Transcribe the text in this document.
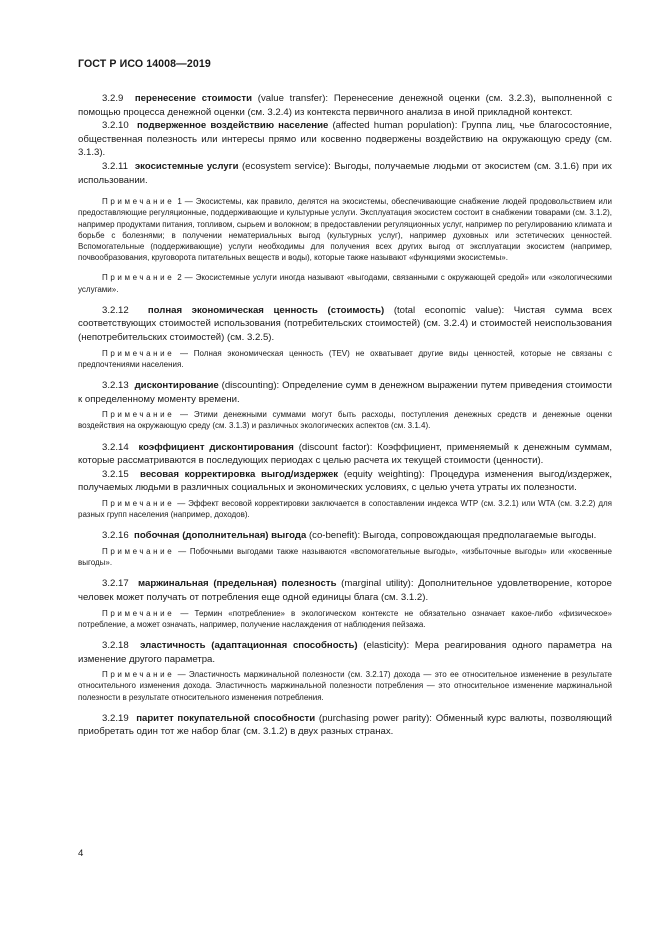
ГОСТ Р ИСО 14008—2019

3.2.9 перенесение стоимости (value transfer): Перенесение денежной оценки (см. 3.2.3), выполненной с помощью процесса денежной оценки (см. 3.2.4) из контекста первичного анализа в иной прикладной контекст.

3.2.10 подверженное воздействию население (affected human population): Группа лиц, чье благосостояние, общественная полезность или интересы прямо или косвенно подвержены воздействию на окружающую среду (см. 3.1.3).

3.2.11 экосистемные услуги (ecosystem service): Выгоды, получаемые людьми от экосистем (см. 3.1.6) при их использовании.

Примечание 1 — Экосистемы, как правило, делятся на экосистемы, обеспечивающие снабжение людей продовольствием или предоставляющие регуляционные, поддерживающие и культурные услуги. Эксплуатация экосистем состоит в снабжении товарами (см. 3.1.2), например продуктами питания, топливом, сырьем и волокном; в предоставлении регуляционных услуг, например по регулированию климата и борьбе с болезнями; в получении нематериальных выгод (культурных услуг), например духовных или эстетических ценностей. Вспомогательные (поддерживающие) услуги необходимы для получения всех других выгод от эксплуатации экосистем (например, почвообразования, круговорота питательных веществ и воды), которые также называют «функциями экосистемы».

Примечание 2 — Экосистемные услуги иногда называют «выгодами, связанными с окружающей средой» или «экологическими услугами».

3.2.12 полная экономическая ценность (стоимость) (total economic value): Чистая сумма всех соответствующих стоимостей использования (потребительских стоимостей) (см. 3.2.4) и стоимостей неиспользования (непотребительских стоимостей) (см. 3.2.5).

Примечание — Полная экономическая ценность (TEV) не охватывает другие виды ценностей, которые не связаны с предпочтениями населения.

3.2.13 дисконтирование (discounting): Определение сумм в денежном выражении путем приведения стоимости к определенному моменту времени.

Примечание — Этими денежными суммами могут быть расходы, поступления денежных средств и денежные оценки воздействия на окружающую среду (см. 3.1.3) и различных экологических аспектов (см. 3.1.4).

3.2.14 коэффициент дисконтирования (discount factor): Коэффициент, применяемый к денежным суммам, которые рассматриваются в последующих периодах с целью расчета их текущей стоимости (ценности).

3.2.15 весовая корректировка выгод/издержек (equity weighting): Процедура изменения выгод/издержек, получаемых людьми в различных социальных и экономических условиях, с целью учета утраты их полезности.

Примечание — Эффект весовой корректировки заключается в сопоставлении индекса WTP (см. 3.2.1) или WTA (см. 3.2.2) для разных групп населения (например, доходов).

3.2.16 побочная (дополнительная) выгода (co-benefit): Выгода, сопровождающая предполагаемые выгоды.

Примечание — Побочными выгодами также называются «вспомогательные выгоды», «избыточные выгоды» или «косвенные выгоды».

3.2.17 маржинальная (предельная) полезность (marginal utility): Дополнительное удовлетворение, которое человек может получать от потребления еще одной единицы блага (см. 3.1.2).

Примечание — Термин «потребление» в экологическом контексте не обязательно означает какое-либо «физическое» потребление, а может означать, например, получение наслаждения от наблюдения пейзажа.

3.2.18 эластичность (адаптационная способность) (elasticity): Мера реагирования одного параметра на изменение другого параметра.

Примечание — Эластичность маржинальной полезности (см. 3.2.17) дохода — это ее относительное изменение в результате относительного изменения дохода. Эластичность маржинальной полезности потребления — это относительное изменение маржинальной полезности в результате относительного изменения потребления.

3.2.19 паритет покупательной способности (purchasing power parity): Обменный курс валюты, позволяющий приобретать один тот же набор благ (см. 3.1.2) в двух разных странах.

4
